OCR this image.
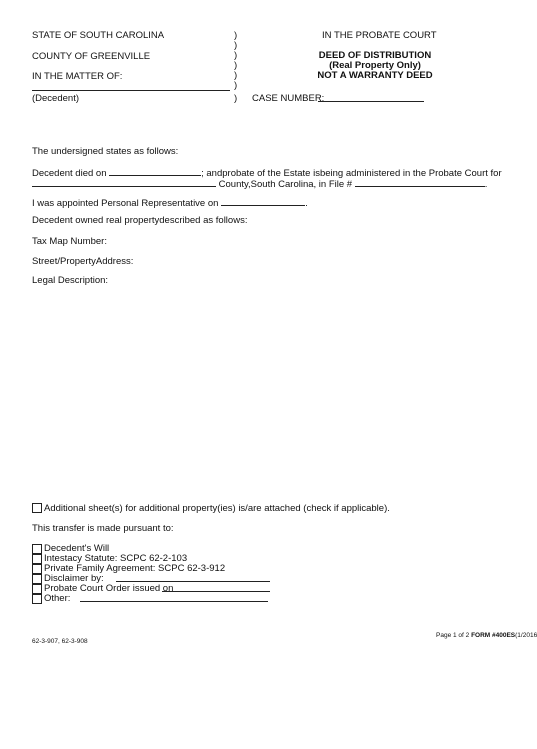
STATE OF SOUTH CAROLINA
COUNTY OF GREENVILLE
IN THE MATTER OF:
(Decedent)
)
)
)
)
)
)
)
IN THE PROBATE COURT
DEED OF DISTRIBUTION
(Real Property Only)
NOT A WARRANTY DEED
CASE NUMBER:
The undersigned states as follows:
Decedent died on	; andprobate of the Estate isbeing administered in the Probate Court for
County,South Carolina, in File #	.
I was appointed Personal Representative on	.
Decedent owned real propertydescribed as follows:
Tax Map Number:
Street/PropertyAddress:
Legal Description:
Additional sheet(s) for additional property(ies) is/are attached (check if applicable).
This transfer is made pursuant to:
Decedent's Will
Intestacy Statute: SCPC 62-2-103
Private Family Agreement: SCPC 62-3-912
Disclaimer by:
Probate Court Order issued on
Other:
62-3-907, 62-3-908
Page 1 of 2 FORM #400ES(1/2016
